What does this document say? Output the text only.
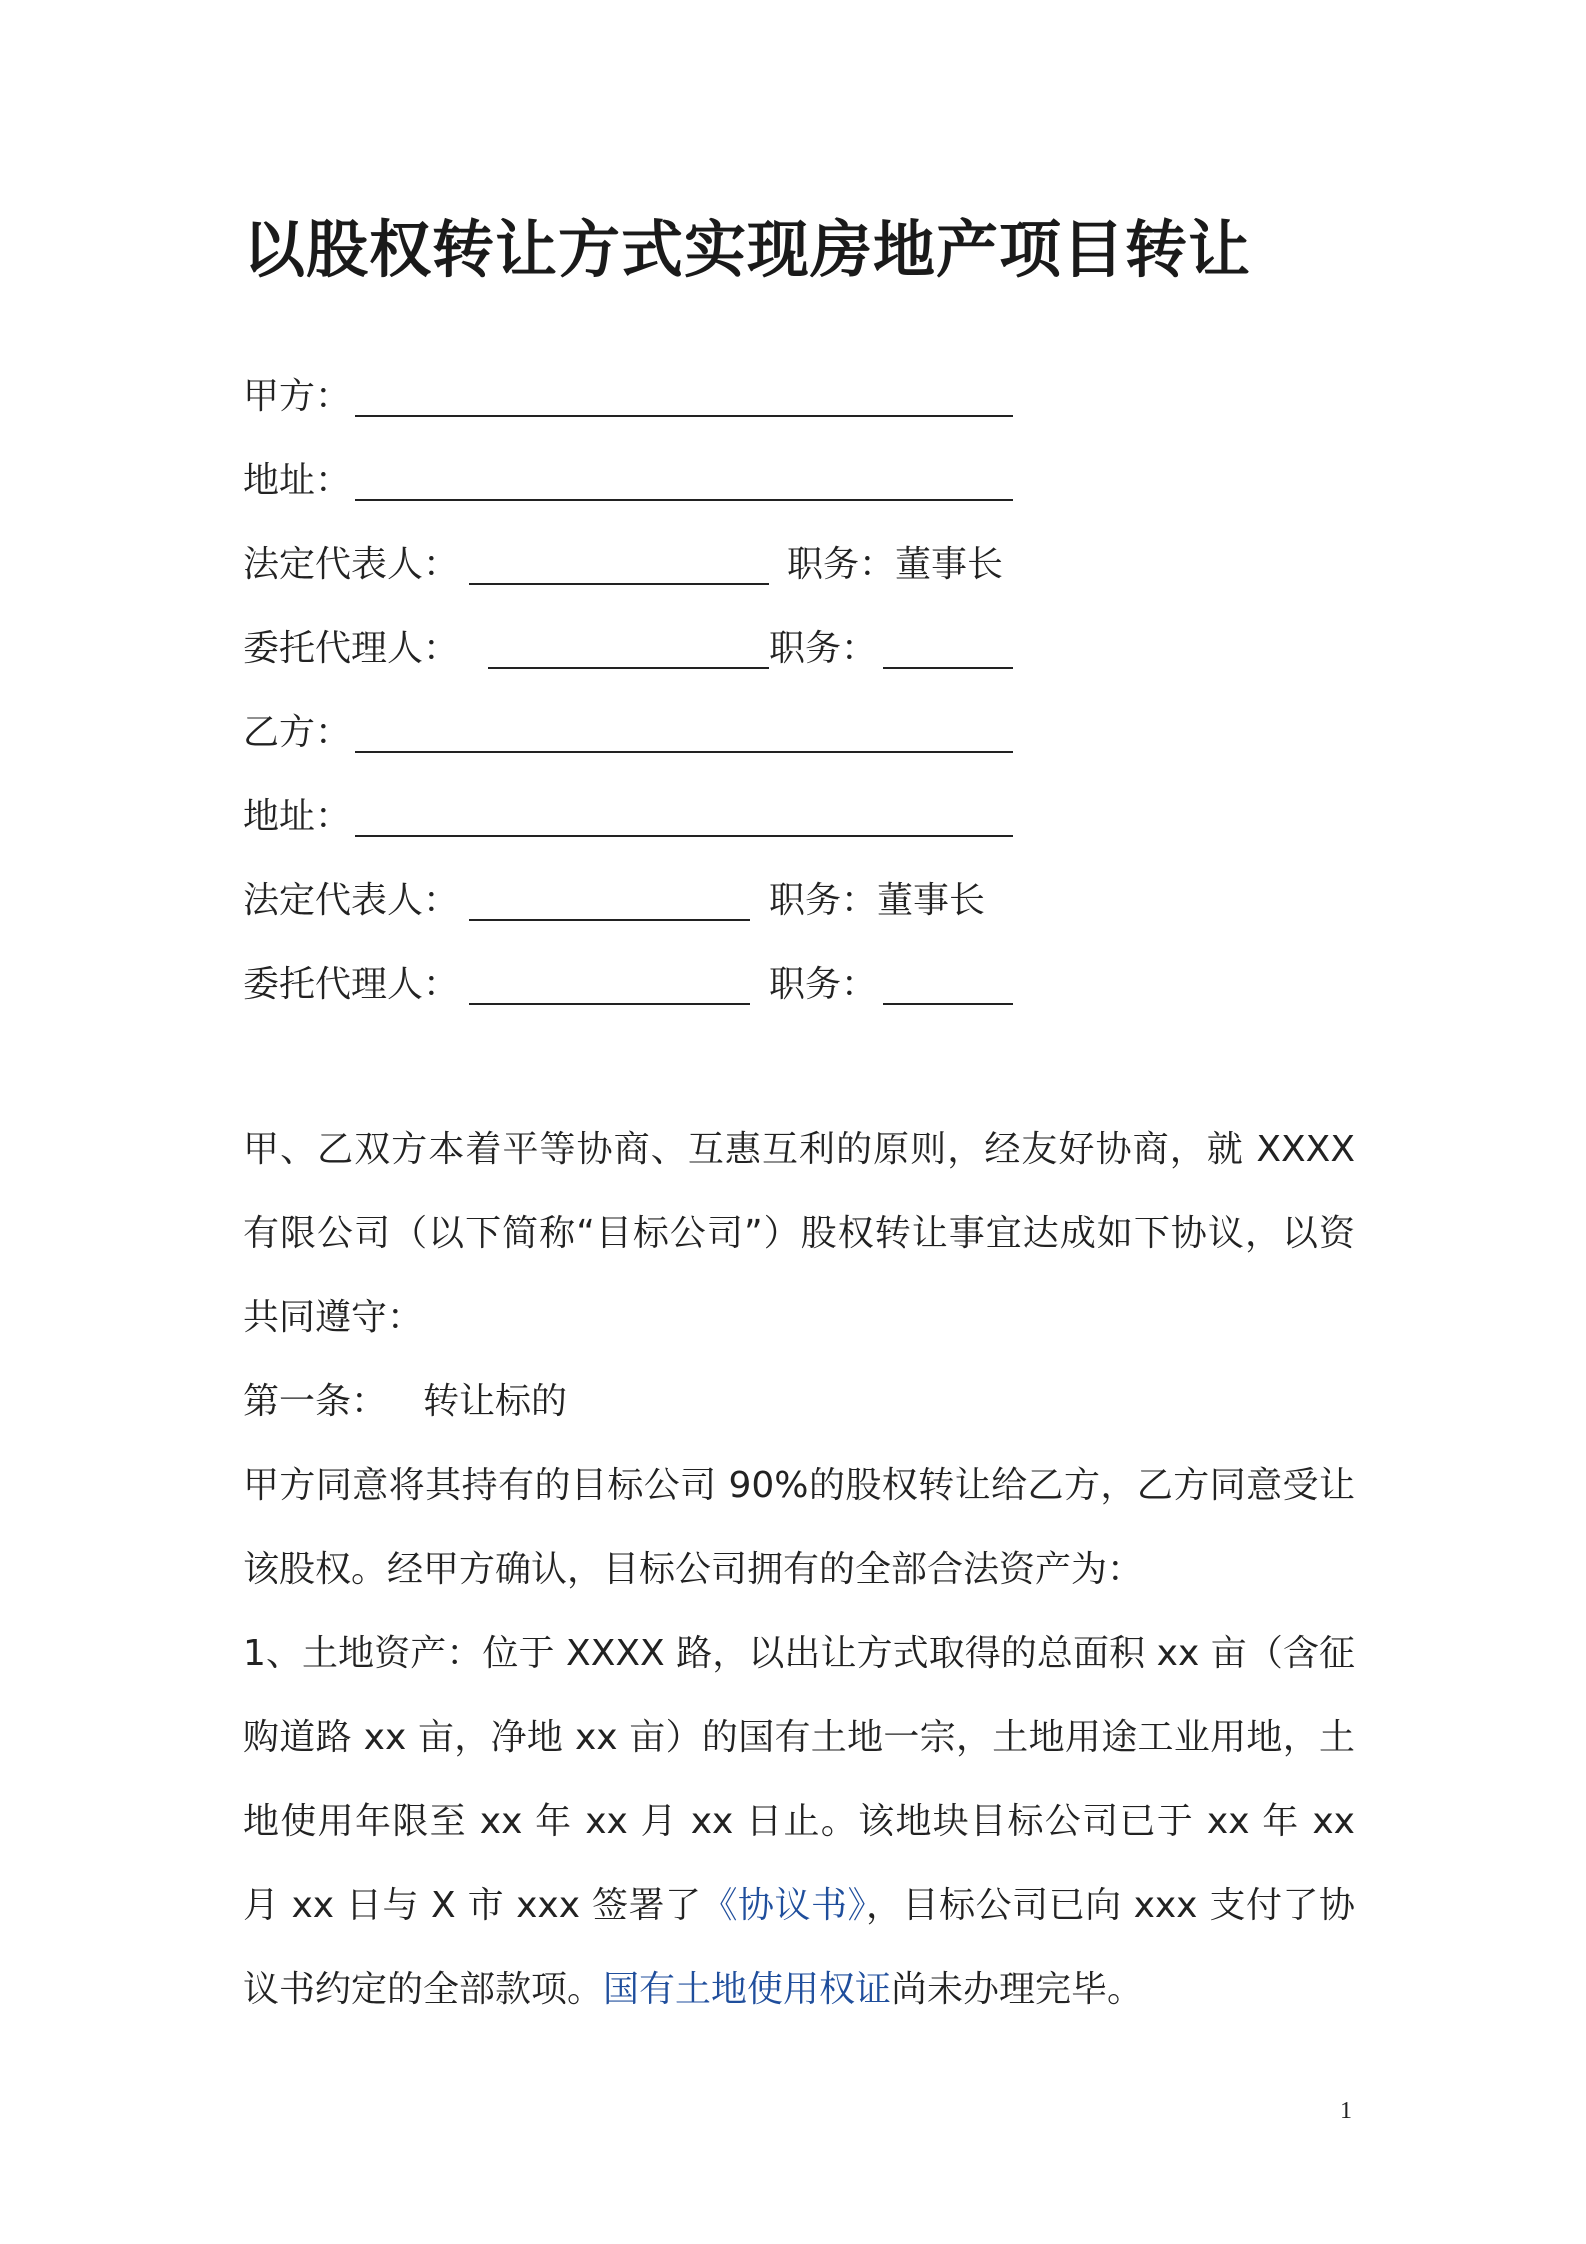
以股权转让方式实现房地产项目转让
甲方：
地址：
法定代表人：	职务：董事长
委托代理人：	职务：
乙方：
地址：
法定代表人：	职务：董事长
委托代理人：	职务：

甲、乙双方本着平等协商、互惠互利的原则，经友好协商，就 XXXX 有限公司（以下简称“目标公司”）股权转让事宜达成如下协议，以资共同遵守：

第一条： 转让标的

甲方同意将其持有的目标公司 90%的股权转让给乙方，乙方同意受让该股权。经甲方确认，目标公司拥有的全部合法资产为：

1、土地资产：位于 XXXX 路，以出让方式取得的总面积 xx 亩（含征购道路 xx 亩，净地 xx 亩）的国有土地一宗，土地用途工业用地，土地使用年限至 xx 年 xx 月 xx 日止。该地块目标公司已于 xx 年 xx 月 xx 日与 X 市 xxx 签署了《协议书》，目标公司已向 xxx 支付了协议书约定的全部款项。国有土地使用权证尚未办理完毕。

1
